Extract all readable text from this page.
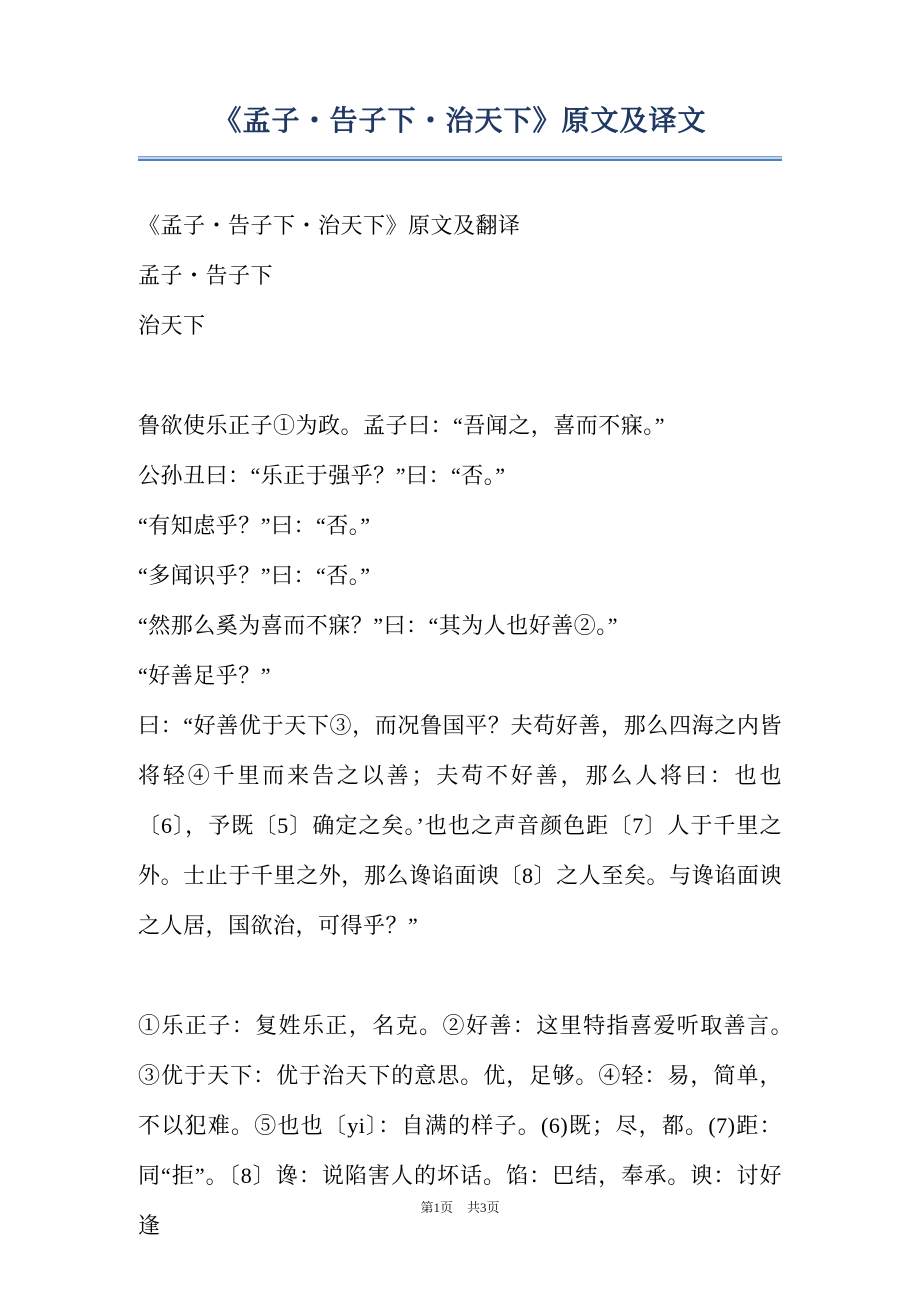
《孟子・告子下・治天下》原文及译文

《孟子・告子下・治天下》原文及翻译

孟子・告子下

治天下

鲁欲使乐正子①为政。孟子曰：“吾闻之，喜而不寐。”

公孙丑曰：“乐正于强乎？”曰：“否。”

“有知虑乎？”曰：“否。”

“多闻识乎？”曰：“否。”

“然那么奚为喜而不寐？”曰：“其为人也好善②。”

“好善足乎？”

曰：“好善优于天下③，而况鲁国平？夫苟好善，那么四海之内皆将轻④千里而来告之以善；夫苟不好善，那么人将曰：也也〔6〕，予既〔5〕确定之矣。’也也之声音颜色距〔7〕人于千里之外。士止于千里之外，那么谗谄面谀〔8〕之人至矣。与谗谄面谀之人居，国欲治，可得乎？”

①乐正子：复姓乐正，名克。②好善：这里特指喜爱听取善言。　③优于天下：优于治天下的意思。优，足够。④轻：易，简单，不以犯难。⑤也也〔yi〕：自满的样子。(6)既；尽，都。(7)距：同“拒”。〔8〕谗：说陷害人的坏话。馅：巴结，奉承。谀：讨好逢

第1页 共3页
